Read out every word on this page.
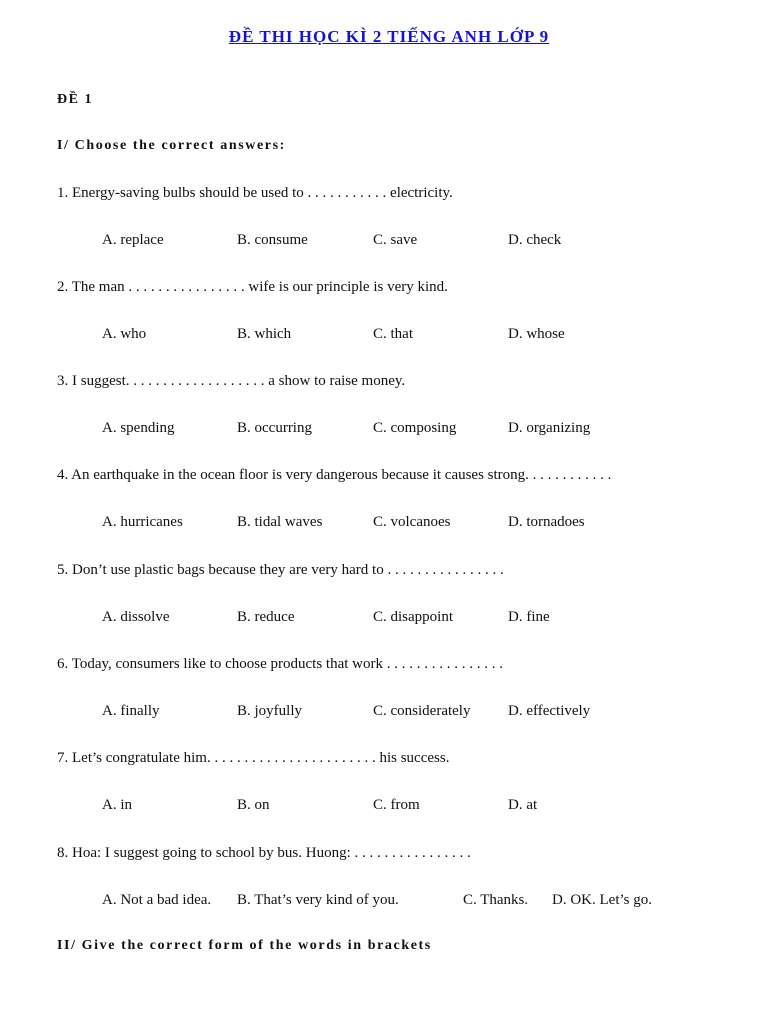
ĐỀ THI HỌC KÌ 2 TIẾNG ANH LỚP 9
ĐỀ 1
I/ Choose the correct answers:
1. Energy-saving bulbs should be used to . . . . . . . . . . . electricity.
A. replace	B. consume	C. save	D. check
2. The man . . . . . . . . . . . . . . . . wife is our principle is very kind.
A. who	B. which	C. that	D. whose
3. I suggest. . . . . . . . . . . . . . . . . . . a show to raise money.
A. spending	B. occurring	C. composing	D. organizing
4. An earthquake in the ocean floor is very dangerous because it causes strong. . . . . . . . . . . .
A. hurricanes	B. tidal waves	C. volcanoes	D. tornadoes
5. Don’t use plastic bags because they are very hard to . . . . . . . . . . . . . . . .
A. dissolve	B. reduce	C. disappoint	D. fine
6. Today, consumers like to choose products that work . . . . . . . . . . . . . . . .
A. finally	B. joyfully	C. considerately	D. effectively
7. Let’s congratulate him. . . . . . . . . . . . . . . . . . . . . . . his success.
A. in	B. on	C. from	D. at
8. Hoa: I suggest going to school by bus. Huong: . . . . . . . . . . . . . . . .
A. Not a bad idea. B. That’s very kind of you.	C. Thanks. D. OK. Let’s go.
II/ Give the correct form of the words in brackets
